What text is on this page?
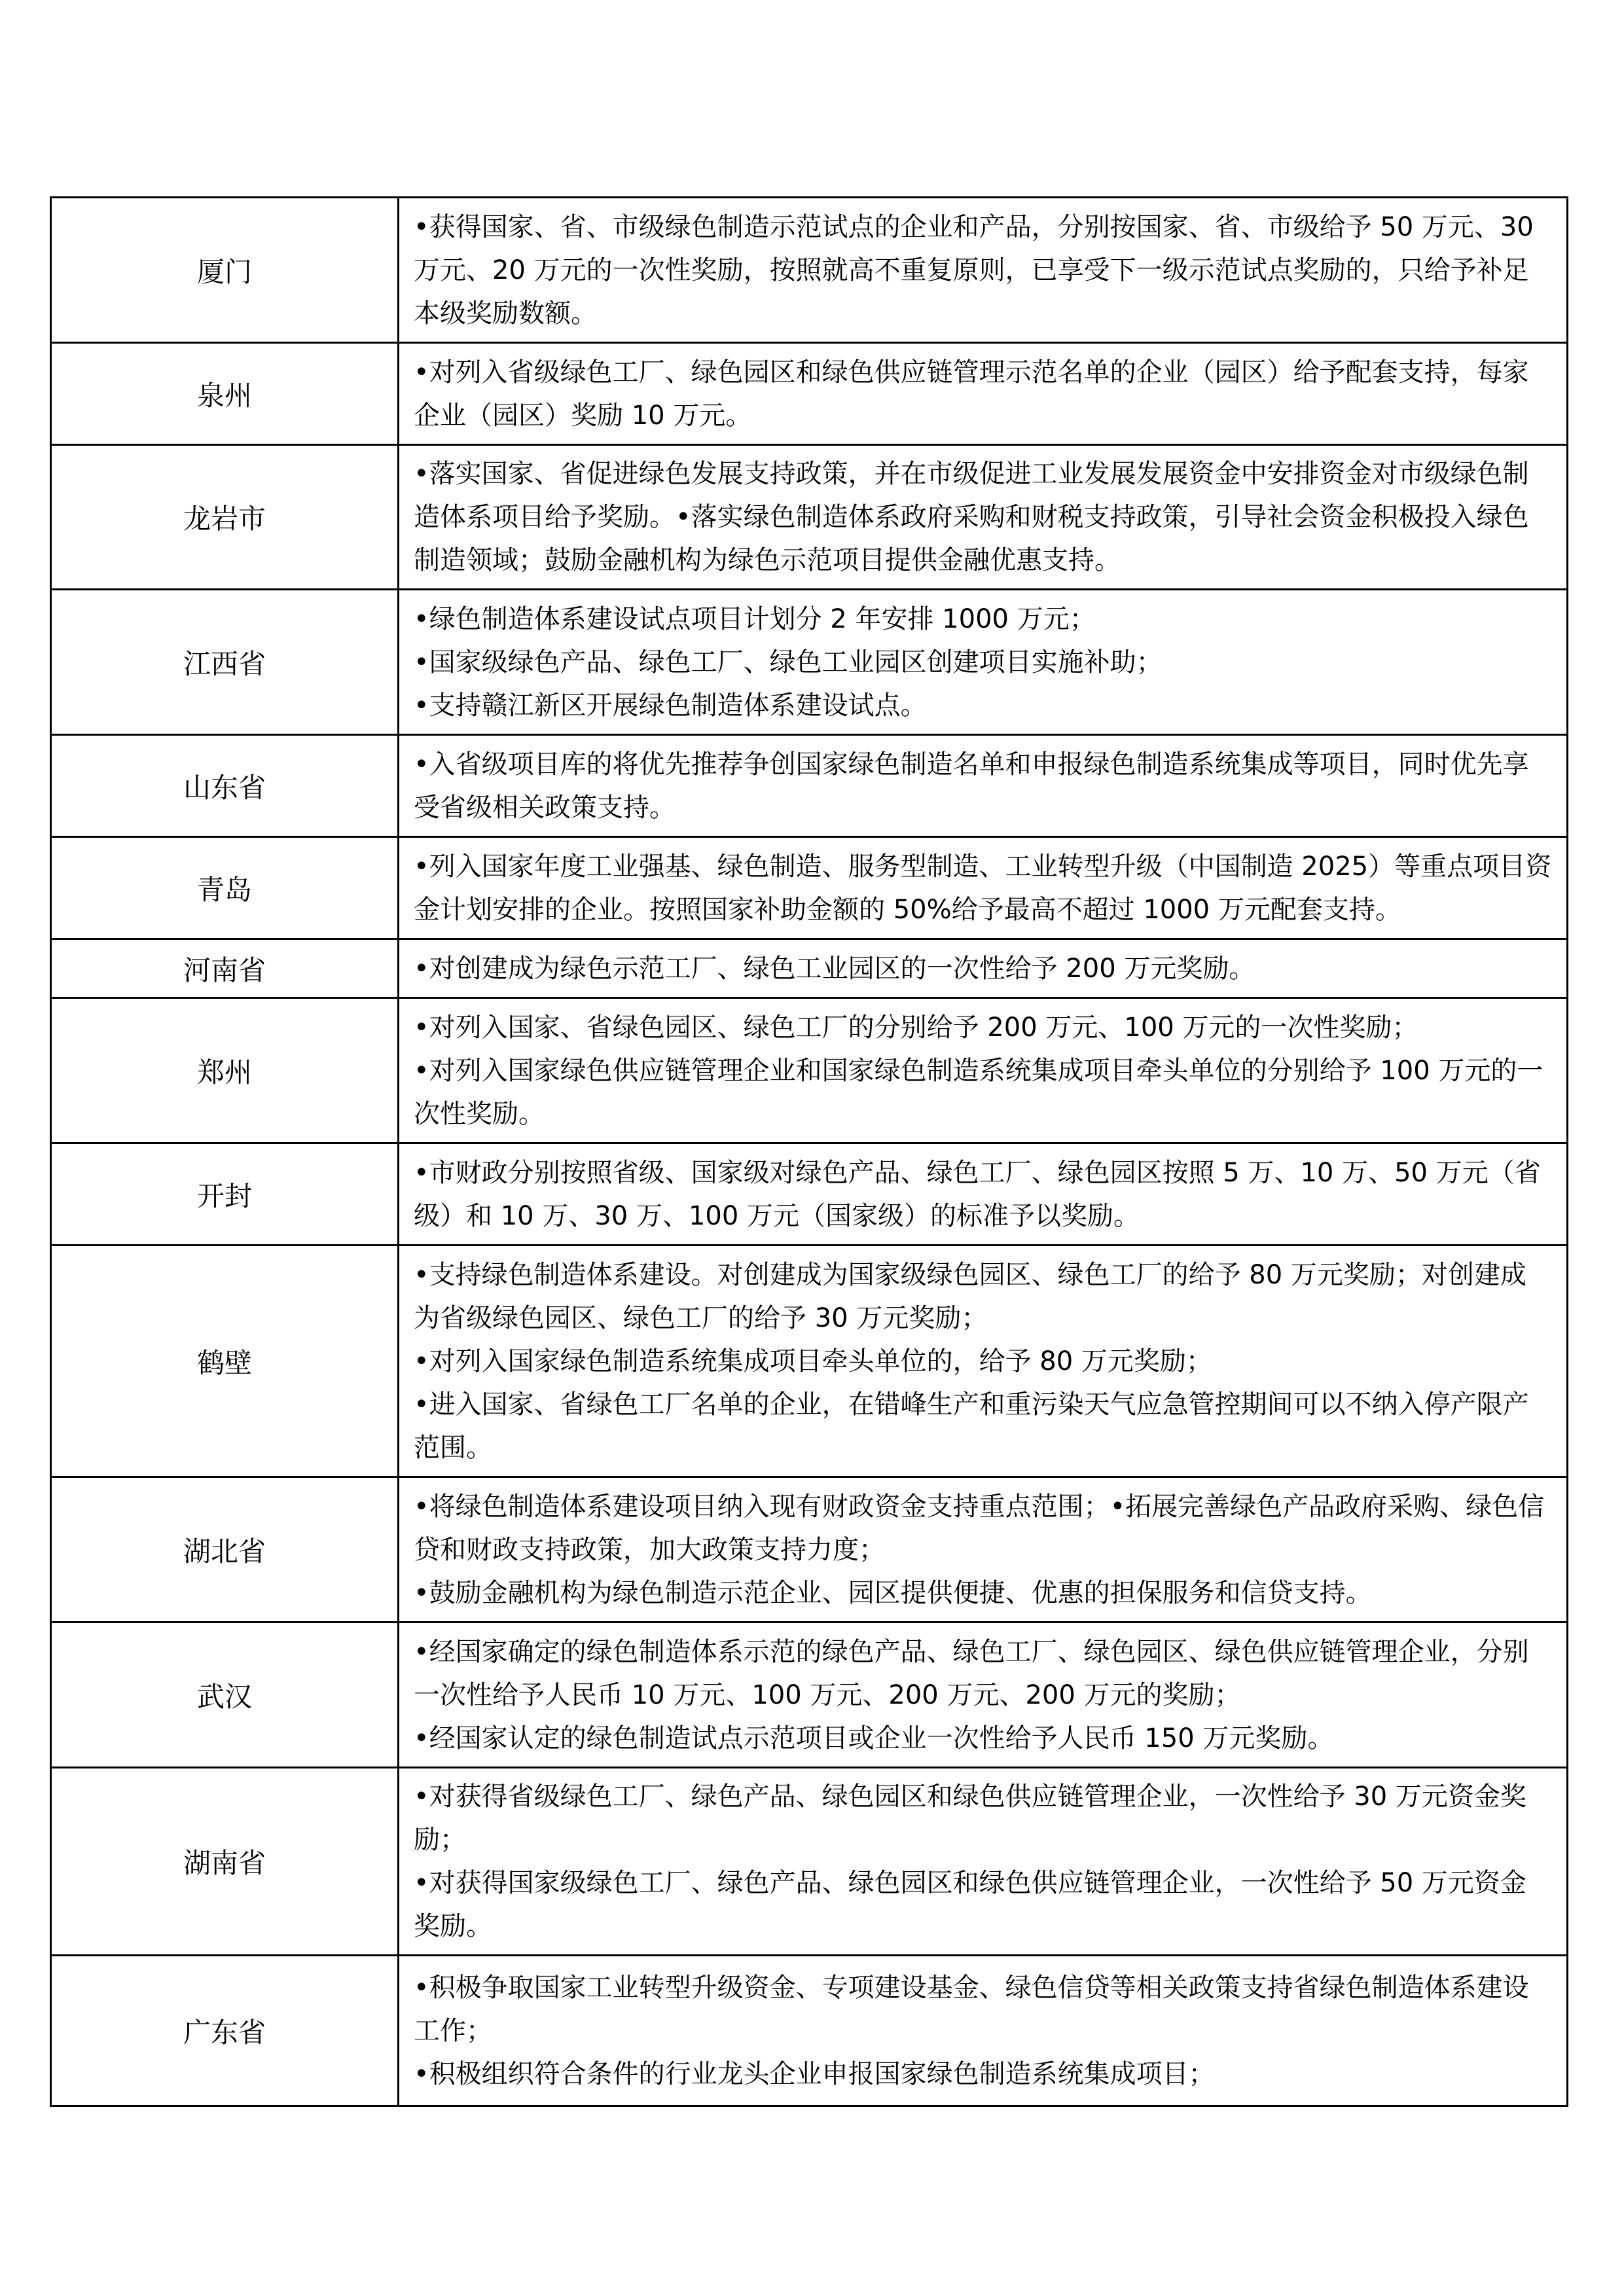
厦门	•获得国家、省、市级绿色制造示范试点的企业和产品，分别按国家、省、市级给予 50 万元、30 万元、20 万元的一次性奖励，按照就高不重复原则，已享受下一级示范试点奖励的，只给予补足本级奖励数额。

泉州	•对列入省级绿色工厂、绿色园区和绿色供应链管理示范名单的企业（园区）给予配套支持，每家企业（园区）奖励 10 万元。

龙岩市	•落实国家、省促进绿色发展支持政策，并在市级促进工业发展发展资金中安排资金对市级绿色制造体系项目给予奖励。•落实绿色制造体系政府采购和财税支持政策，引导社会资金积极投入绿色制造领域；鼓励金融机构为绿色示范项目提供金融优惠支持。

江西省	•绿色制造体系建设试点项目计划分 2 年安排 1000 万元；
•国家级绿色产品、绿色工厂、绿色工业园区创建项目实施补助；
•支持赣江新区开展绿色制造体系建设试点。

山东省	•入省级项目库的将优先推荐争创国家绿色制造名单和申报绿色制造系统集成等项目，同时优先享受省级相关政策支持。

青岛	•列入国家年度工业强基、绿色制造、服务型制造、工业转型升级（中国制造 2025）等重点项目资金计划安排的企业。按照国家补助金额的 50%给予最高不超过 1000 万元配套支持。

河南省	•对创建成为绿色示范工厂、绿色工业园区的一次性给予 200 万元奖励。

郑州	•对列入国家、省绿色园区、绿色工厂的分别给予 200 万元、100 万元的一次性奖励；
•对列入国家绿色供应链管理企业和国家绿色制造系统集成项目牵头单位的分别给予 100 万元的一次性奖励。

开封	•市财政分别按照省级、国家级对绿色产品、绿色工厂、绿色园区按照 5 万、10 万、50 万元（省级）和 10 万、30 万、100 万元（国家级）的标准予以奖励。

鹤壁	•支持绿色制造体系建设。对创建成为国家级绿色园区、绿色工厂的给予 80 万元奖励；对创建成为省级绿色园区、绿色工厂的给予 30 万元奖励；
•对列入国家绿色制造系统集成项目牵头单位的，给予 80 万元奖励；
•进入国家、省绿色工厂名单的企业，在错峰生产和重污染天气应急管控期间可以不纳入停产限产范围。

湖北省	•将绿色制造体系建设项目纳入现有财政资金支持重点范围；•拓展完善绿色产品政府采购、绿色信贷和财政支持政策，加大政策支持力度；
•鼓励金融机构为绿色制造示范企业、园区提供便捷、优惠的担保服务和信贷支持。

武汉	•经国家确定的绿色制造体系示范的绿色产品、绿色工厂、绿色园区、绿色供应链管理企业，分别一次性给予人民币 10 万元、100 万元、200 万元、200 万元的奖励；
•经国家认定的绿色制造试点示范项目或企业一次性给予人民币 150 万元奖励。

湖南省	•对获得省级绿色工厂、绿色产品、绿色园区和绿色供应链管理企业，一次性给予 30 万元资金奖励；
•对获得国家级绿色工厂、绿色产品、绿色园区和绿色供应链管理企业，一次性给予 50 万元资金奖励。

广东省	•积极争取国家工业转型升级资金、专项建设基金、绿色信贷等相关政策支持省绿色制造体系建设工作；
•积极组织符合条件的行业龙头企业申报国家绿色制造系统集成项目；
